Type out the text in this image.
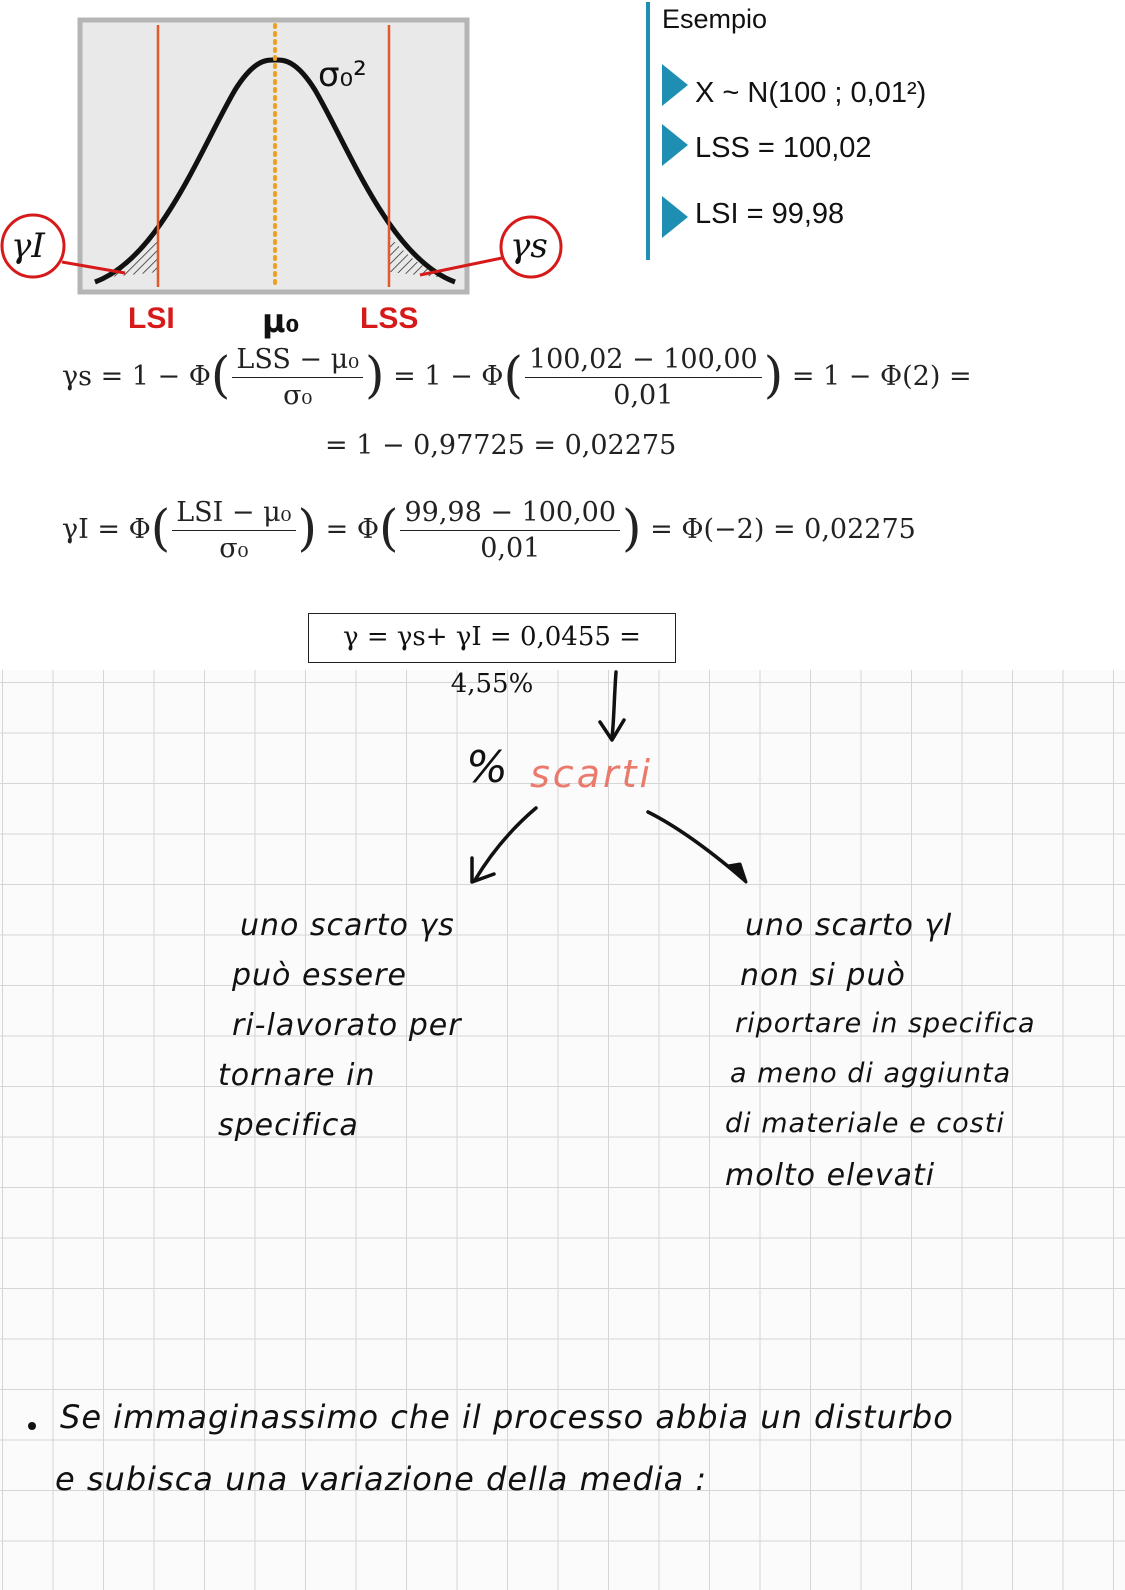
σ₀²
γI	γs
LSI	μ₀ LSS
Esempio
X ~ N(100 ; 0,01²)
LSS = 100,02
LSI = 99,98
$\gamma s = 1 - \Phi( \frac{\text{LSS − μ₀}}{\text{σ₀}}$ ) = $1 - \Phi( \frac{100,02 - 100,00}{0,01}$ ) = 1 − Φ(2) =
= 1 − 0,97725 = 0,02275
$\gamma I = \Phi( \frac{\text{LSI − μ₀}}{\text{σ₀}}$ ) = $\Phi( \frac{99,98 - 100,00}{0,01}$ ) = Φ(−2) = 0,02275
γ = γs+ γI = 0,0455 = 4,55%
% scarti
uno scarto γs
può essere
ri-lavorato per
tornare in
specifica
uno scarto γI
non si può
riportare in specifica
a meno di aggiunta
di materiale e costi
molto elevati
Se immaginassimo che il processo abbia un disturbo
e subisca una variazione della media :
